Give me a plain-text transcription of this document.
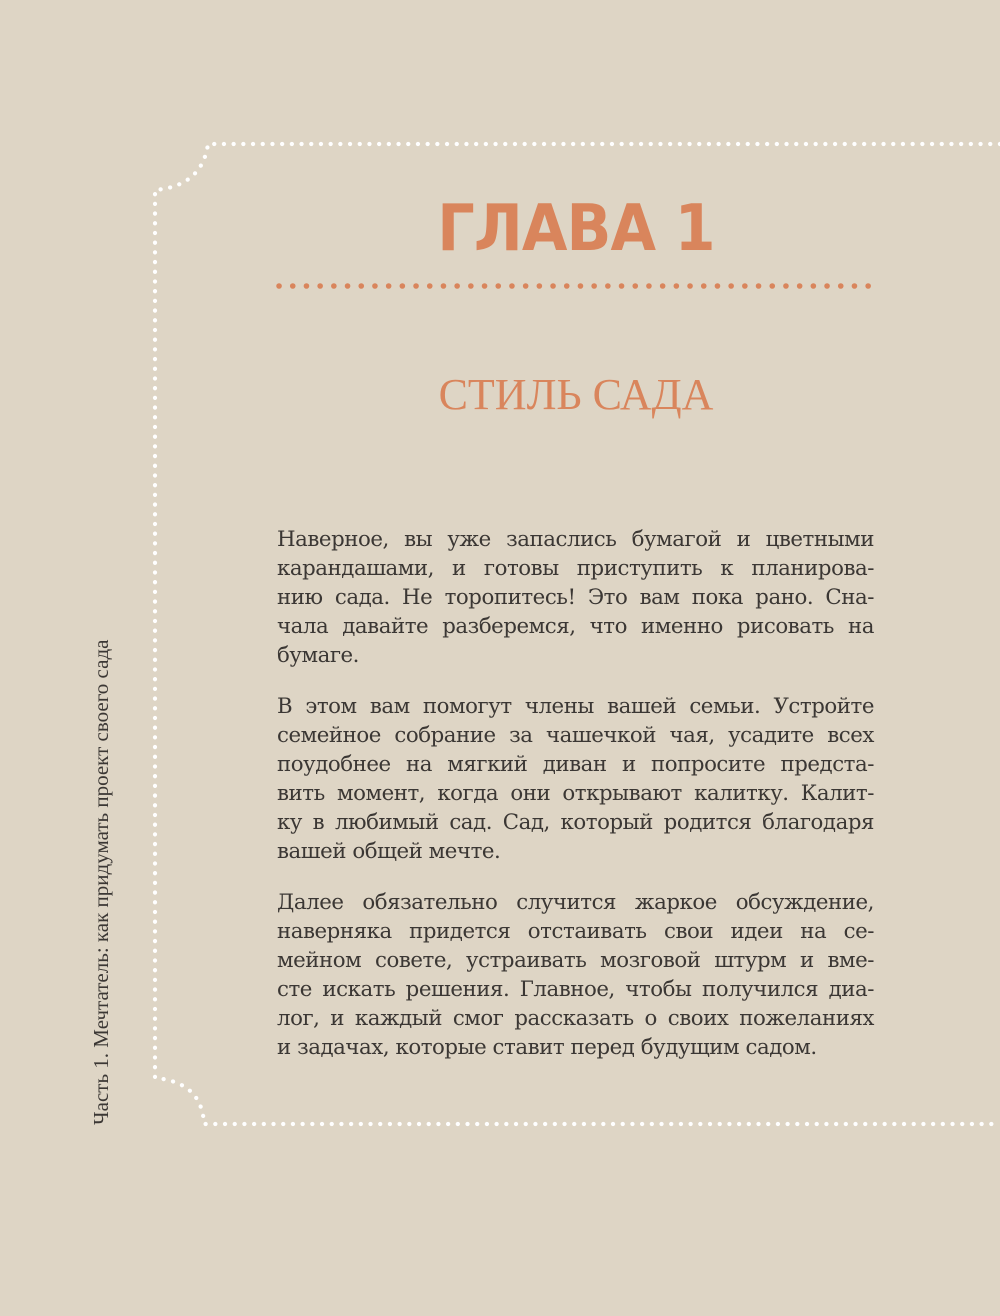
ГЛАВА 1
СТИЛЬ САДА

Наверное, вы уже запаслись бумагой и цветными
карандашами, и готовы приступить к планирова-
нию сада. Не торопитесь! Это вам пока рано. Сна-
чала давайте разберемся, что именно рисовать на
бумаге.

В этом вам помогут члены вашей семьи. Устройте
семейное собрание за чашечкой чая, усадите всех
поудобнее на мягкий диван и попросите предста-
вить момент, когда они открывают калитку. Калит-
ку в любимый сад. Сад, который родится благодаря
вашей общей мечте.

Далее обязательно случится жаркое обсуждение,
наверняка придется отстаивать свои идеи на се-
мейном совете, устраивать мозговой штурм и вме-
сте искать решения. Главное, чтобы получился диа-
лог, и каждый смог рассказать о своих пожеланиях
и задачах, которые ставит перед будущим садом.

Часть 1. Мечтатель: как придумать проект своего сада
